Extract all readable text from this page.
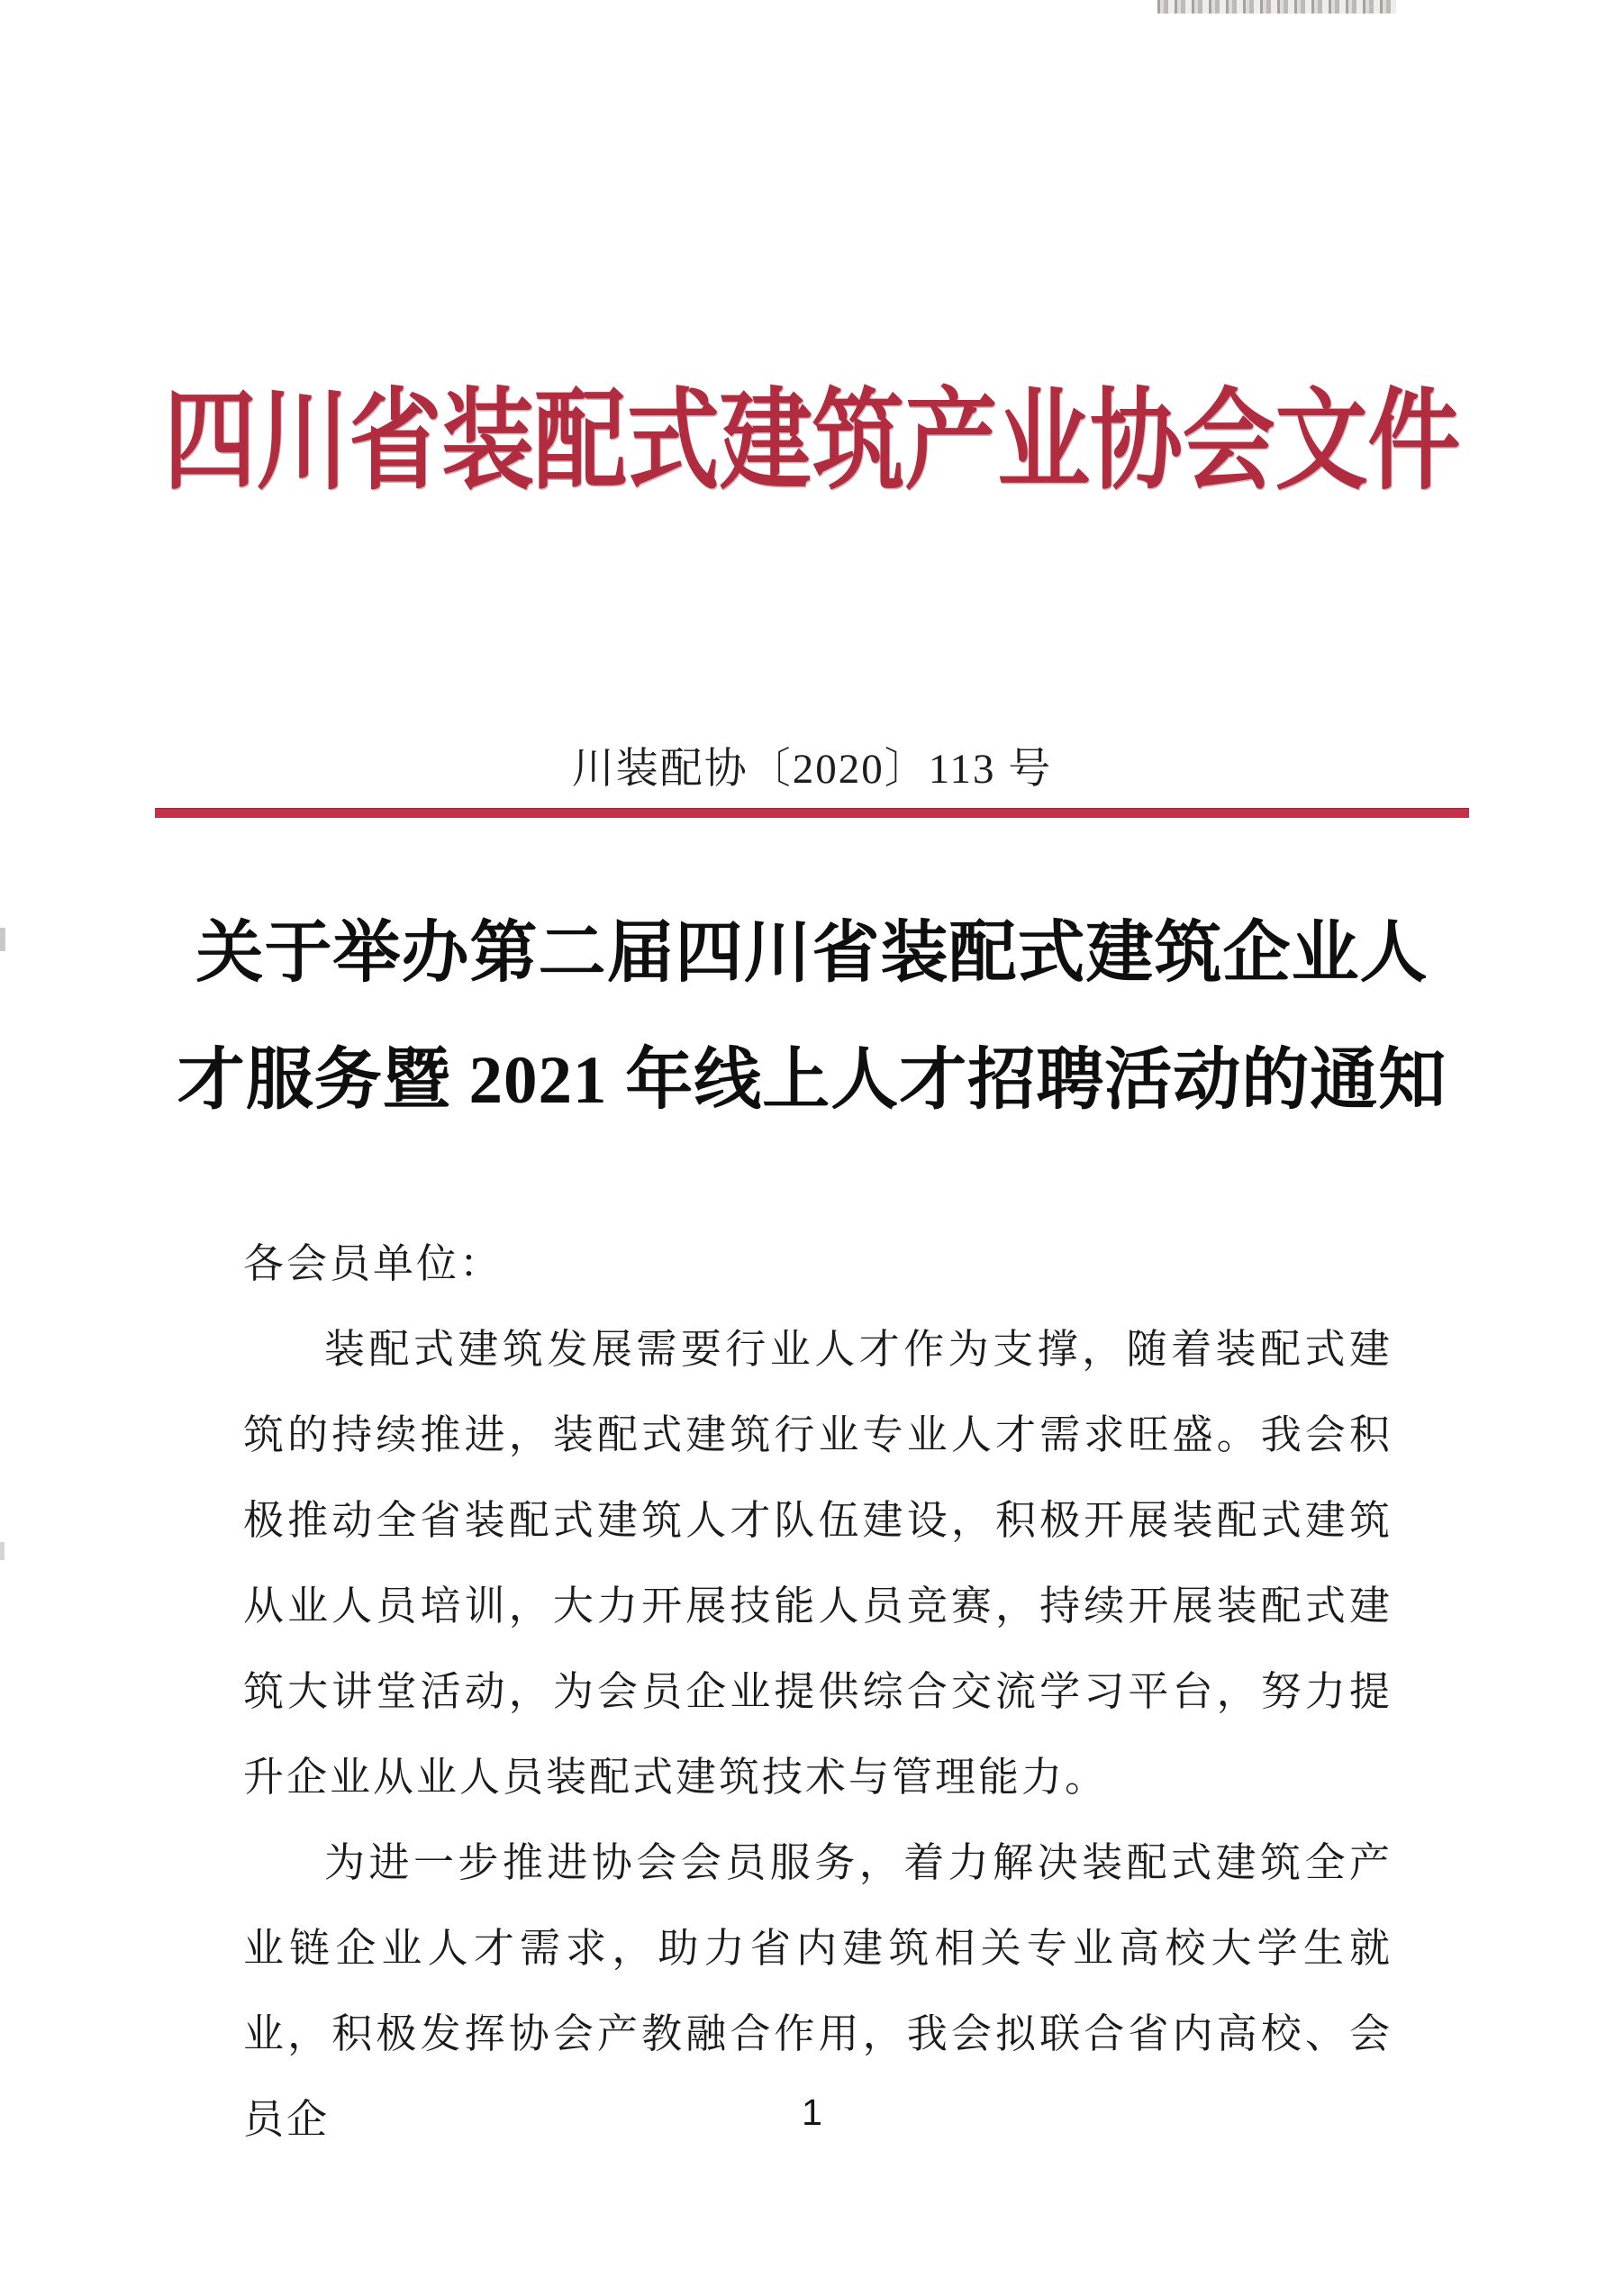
四川省装配式建筑产业协会文件
川装配协〔2020〕113 号
关于举办第二届四川省装配式建筑企业人
才服务暨 2021 年线上人才招聘活动的通知

各会员单位：

装配式建筑发展需要行业人才作为支撑，随着装配式建筑的持续推进，装配式建筑行业专业人才需求旺盛。我会积极推动全省装配式建筑人才队伍建设，积极开展装配式建筑从业人员培训，大力开展技能人员竞赛，持续开展装配式建筑大讲堂活动，为会员企业提供综合交流学习平台，努力提升企业从业人员装配式建筑技术与管理能力。

为进一步推进协会会员服务，着力解决装配式建筑全产业链企业人才需求，助力省内建筑相关专业高校大学生就业，积极发挥协会产教融合作用，我会拟联合省内高校、会员企	1
